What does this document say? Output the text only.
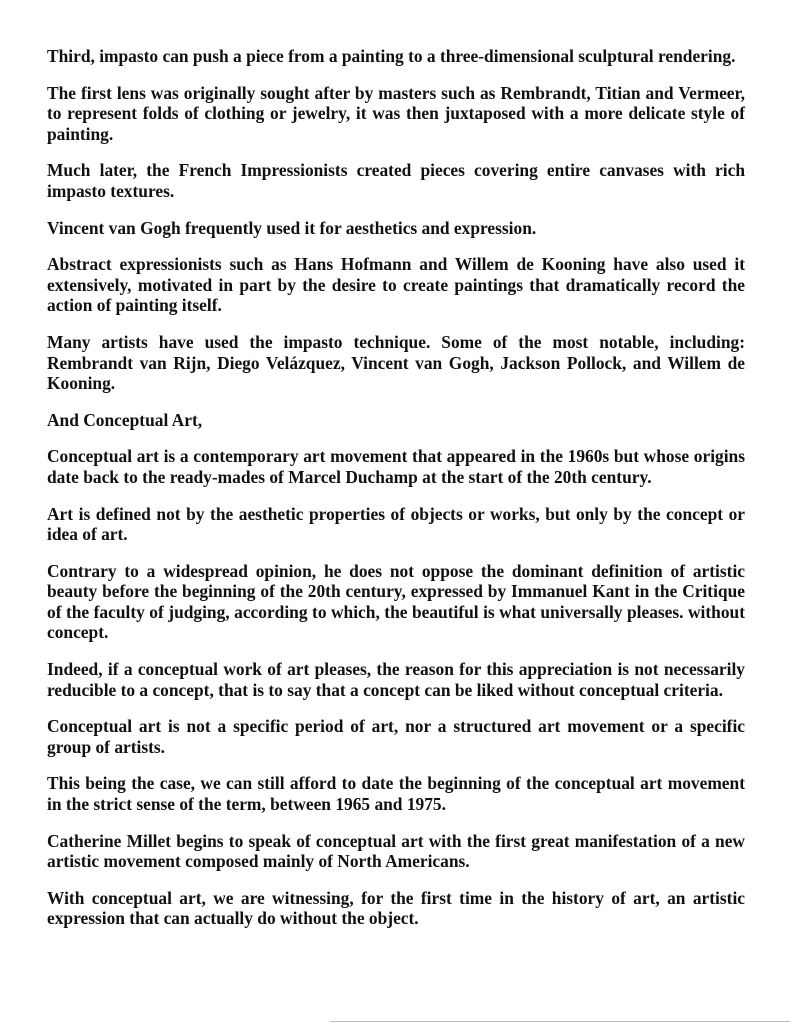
Third, impasto can push a piece from a painting to a three-dimensional sculptural rendering.

The first lens was originally sought after by masters such as Rembrandt, Titian and Vermeer, to represent folds of clothing or jewelry, it was then juxtaposed with a more delicate style of painting.

Much later, the French Impressionists created pieces covering entire canvases with rich impasto textures.

Vincent van Gogh frequently used it for aesthetics and expression.

Abstract expressionists such as Hans Hofmann and Willem de Kooning have also used it extensively, motivated in part by the desire to create paintings that dramatically record the action of painting itself.

Many artists have used the impasto technique. Some of the most notable, including: Rembrandt van Rijn, Diego Velázquez, Vincent van Gogh, Jackson Pollock, and Willem de Kooning.

And Conceptual Art,

Conceptual art is a contemporary art movement that appeared in the 1960s but whose origins date back to the ready-mades of Marcel Duchamp at the start of the 20th century.

Art is defined not by the aesthetic properties of objects or works, but only by the concept or idea of art.

Contrary to a widespread opinion, he does not oppose the dominant definition of artistic beauty before the beginning of the 20th century, expressed by Immanuel Kant in the Critique of the faculty of judging, according to which, the beautiful is what universally pleases. without concept.

Indeed, if a conceptual work of art pleases, the reason for this appreciation is not necessarily reducible to a concept, that is to say that a concept can be liked without conceptual criteria.

Conceptual art is not a specific period of art, nor a structured art movement or a specific group of artists.

This being the case, we can still afford to date the beginning of the conceptual art movement in the strict sense of the term, between 1965 and 1975.

Catherine Millet begins to speak of conceptual art with the first great manifestation of a new artistic movement composed mainly of North Americans.

With conceptual art, we are witnessing, for the first time in the history of art, an artistic expression that can actually do without the object.
